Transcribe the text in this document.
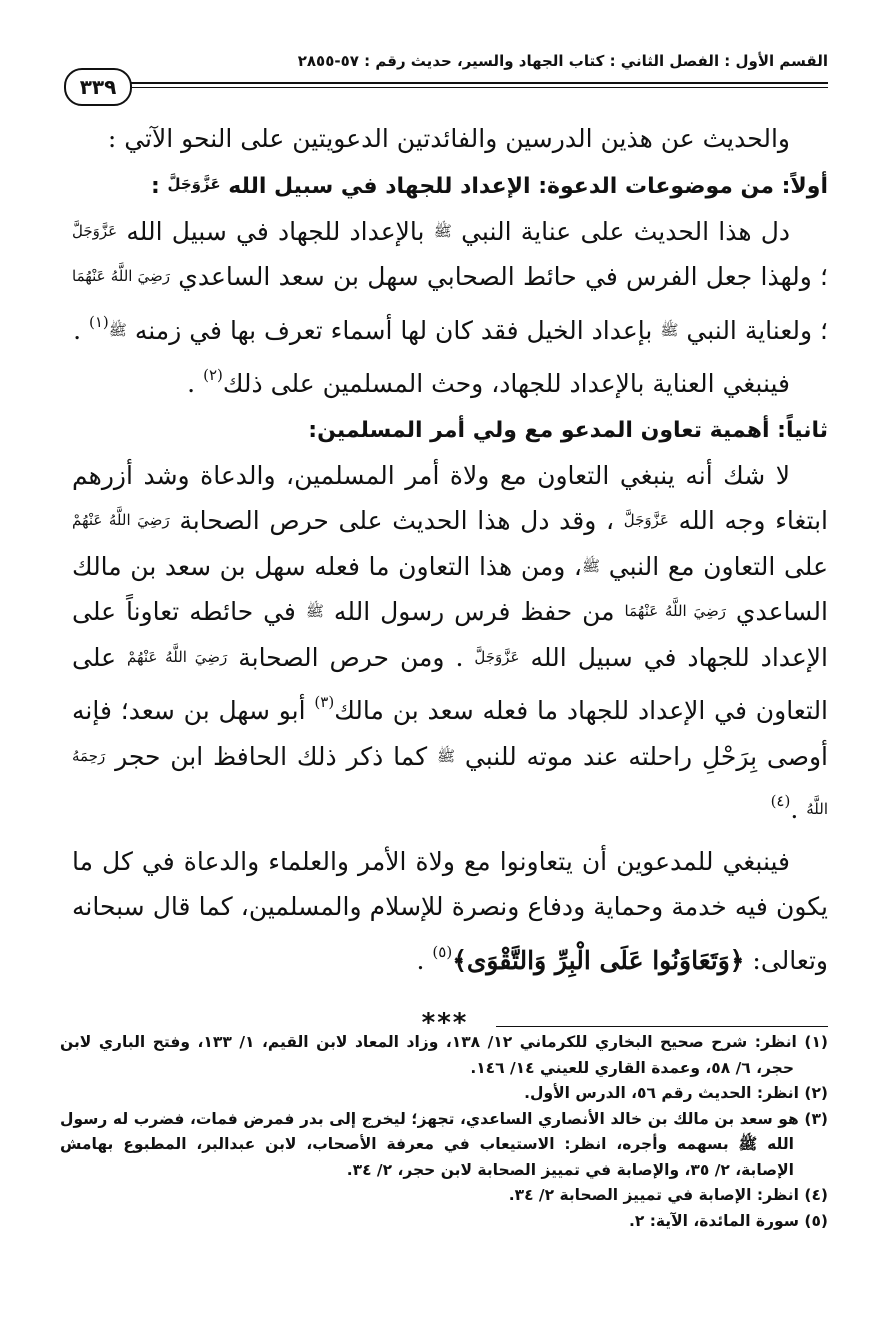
القسم الأول : الفصل الثاني : كتاب الجهاد والسير، حديث رقم : ٥٧-٢٨٥٥
٣٣٩

والحديث عن هذين الدرسين والفائدتين الدعويتين على النحو الآتي :

أولاً: من موضوعات الدعوة: الإعداد للجهاد في سبيل الله عَزَّوَجَلَّ :

دل هذا الحديث على عناية النبي ﷺ بالإعداد للجهاد في سبيل الله عَزَّوَجَلَّ ؛ ولهذا جعل الفرس في حائط الصحابي سهل بن سعد الساعدي رَضِيَ اللَّهُ عَنْهُمَا ؛ ولعناية النبي ﷺ بإعداد الخيل فقد كان لها أسماء تعرف بها في زمنه ﷺ$^{(١)}$ .

فينبغي العناية بالإعداد للجهاد، وحث المسلمين على ذلك$^{(٢)}$ .

ثانياً: أهمية تعاون المدعو مع ولي أمر المسلمين:

لا شك أنه ينبغي التعاون مع ولاة أمر المسلمين، والدعاة وشد أزرهم ابتغاء وجه الله عَزَّوَجَلَّ ، وقد دل هذا الحديث على حرص الصحابة رَضِيَ اللَّهُ عَنْهُمْ على التعاون مع النبي ﷺ، ومن هذا التعاون ما فعله سهل بن سعد بن مالك الساعدي رَضِيَ اللَّهُ عَنْهُمَا من حفظ فرس رسول الله ﷺ في حائطه تعاوناً على الإعداد للجهاد في سبيل الله عَزَّوَجَلَّ . ومن حرص الصحابة رَضِيَ اللَّهُ عَنْهُمْ على التعاون في الإعداد للجهاد ما فعله سعد بن مالك$^{(٣)}$ أبو سهل بن سعد؛ فإنه أوصى بِرَحْلِ راحلته عند موته للنبي ﷺ كما ذكر ذلك الحافظ ابن حجر رَحِمَهُ اللَّهُ .$^{(٤)}$

فينبغي للمدعوين أن يتعاونوا مع ولاة الأمر والعلماء والدعاة في كل ما يكون فيه خدمة وحماية ودفاع ونصرة للإسلام والمسلمين، كما قال سبحانه وتعالى: ﴿وَتَعَاوَنُوا عَلَى الْبِرِّ وَالتَّقْوَى﴾$^{(٥)}$ .

***

(١) انظر: شرح صحيح البخاري للكرماني ١٢/ ١٣٨، وزاد المعاد لابن القيم، ١/ ١٣٣، وفتح الباري لابن حجر، ٦/ ٥٨، وعمدة القاري للعيني ١٤/ ١٤٦.

(٢) انظر: الحديث رقم ٥٦، الدرس الأول.

(٣) هو سعد بن مالك بن خالد الأنصاري الساعدي، تجهز؛ ليخرج إلى بدر فمرض فمات، فضرب له رسول الله ﷺ بسهمه وأجره، انظر: الاستيعاب في معرفة الأصحاب، لابن عبدالبر، المطبوع بهامش الإصابة، ٢/ ٣٥، والإصابة في تمييز الصحابة لابن حجر، ٢/ ٣٤.

(٤) انظر: الإصابة في تمييز الصحابة ٢/ ٣٤.

(٥) سورة المائدة، الآية: ٢.
